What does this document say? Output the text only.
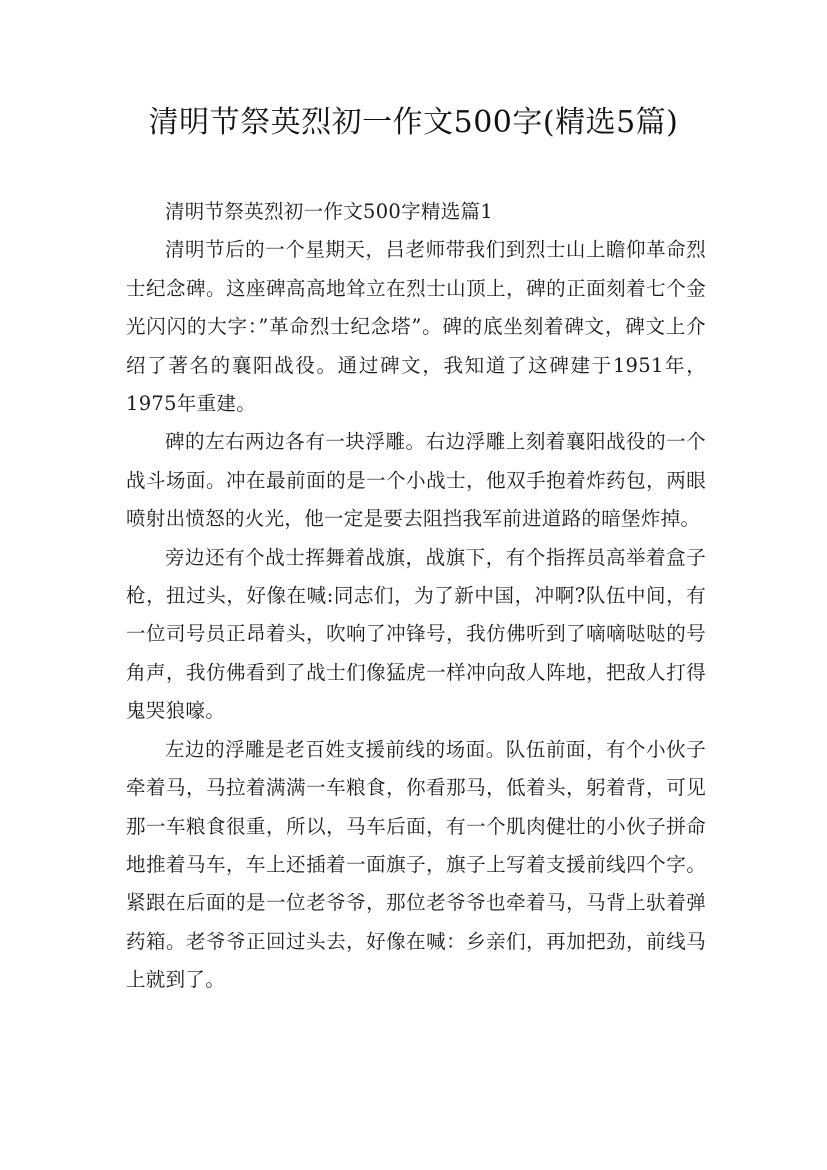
清明节祭英烈初一作文500字(精选5篇)

清明节祭英烈初一作文500字精选篇1

清明节后的一个星期天，吕老师带我们到烈士山上瞻仰革命烈士纪念碑。这座碑高高地耸立在烈士山顶上，碑的正面刻着七个金光闪闪的大字：”革命烈士纪念塔”。碑的底坐刻着碑文，碑文上介绍了著名的襄阳战役。通过碑文，我知道了这碑建于1951年，1975年重建。

碑的左右两边各有一块浮雕。右边浮雕上刻着襄阳战役的一个战斗场面。冲在最前面的是一个小战士，他双手抱着炸药包，两眼喷射出愤怒的火光，他一定是要去阻挡我军前进道路的暗堡炸掉。

旁边还有个战士挥舞着战旗，战旗下，有个指挥员高举着盒子枪，扭过头，好像在喊:同志们，为了新中国，冲啊?队伍中间，有一位司号员正昂着头，吹响了冲锋号，我仿佛听到了嘀嘀哒哒的号角声，我仿佛看到了战士们像猛虎一样冲向敌人阵地，把敌人打得鬼哭狼嚎。

左边的浮雕是老百姓支援前线的场面。队伍前面，有个小伙子牵着马，马拉着满满一车粮食，你看那马，低着头，躬着背，可见那一车粮食很重，所以，马车后面，有一个肌肉健壮的小伙子拼命地推着马车，车上还插着一面旗子，旗子上写着支援前线四个字。紧跟在后面的是一位老爷爷，那位老爷爷也牵着马，马背上驮着弹药箱。老爷爷正回过头去，好像在喊：乡亲们，再加把劲，前线马上就到了。
